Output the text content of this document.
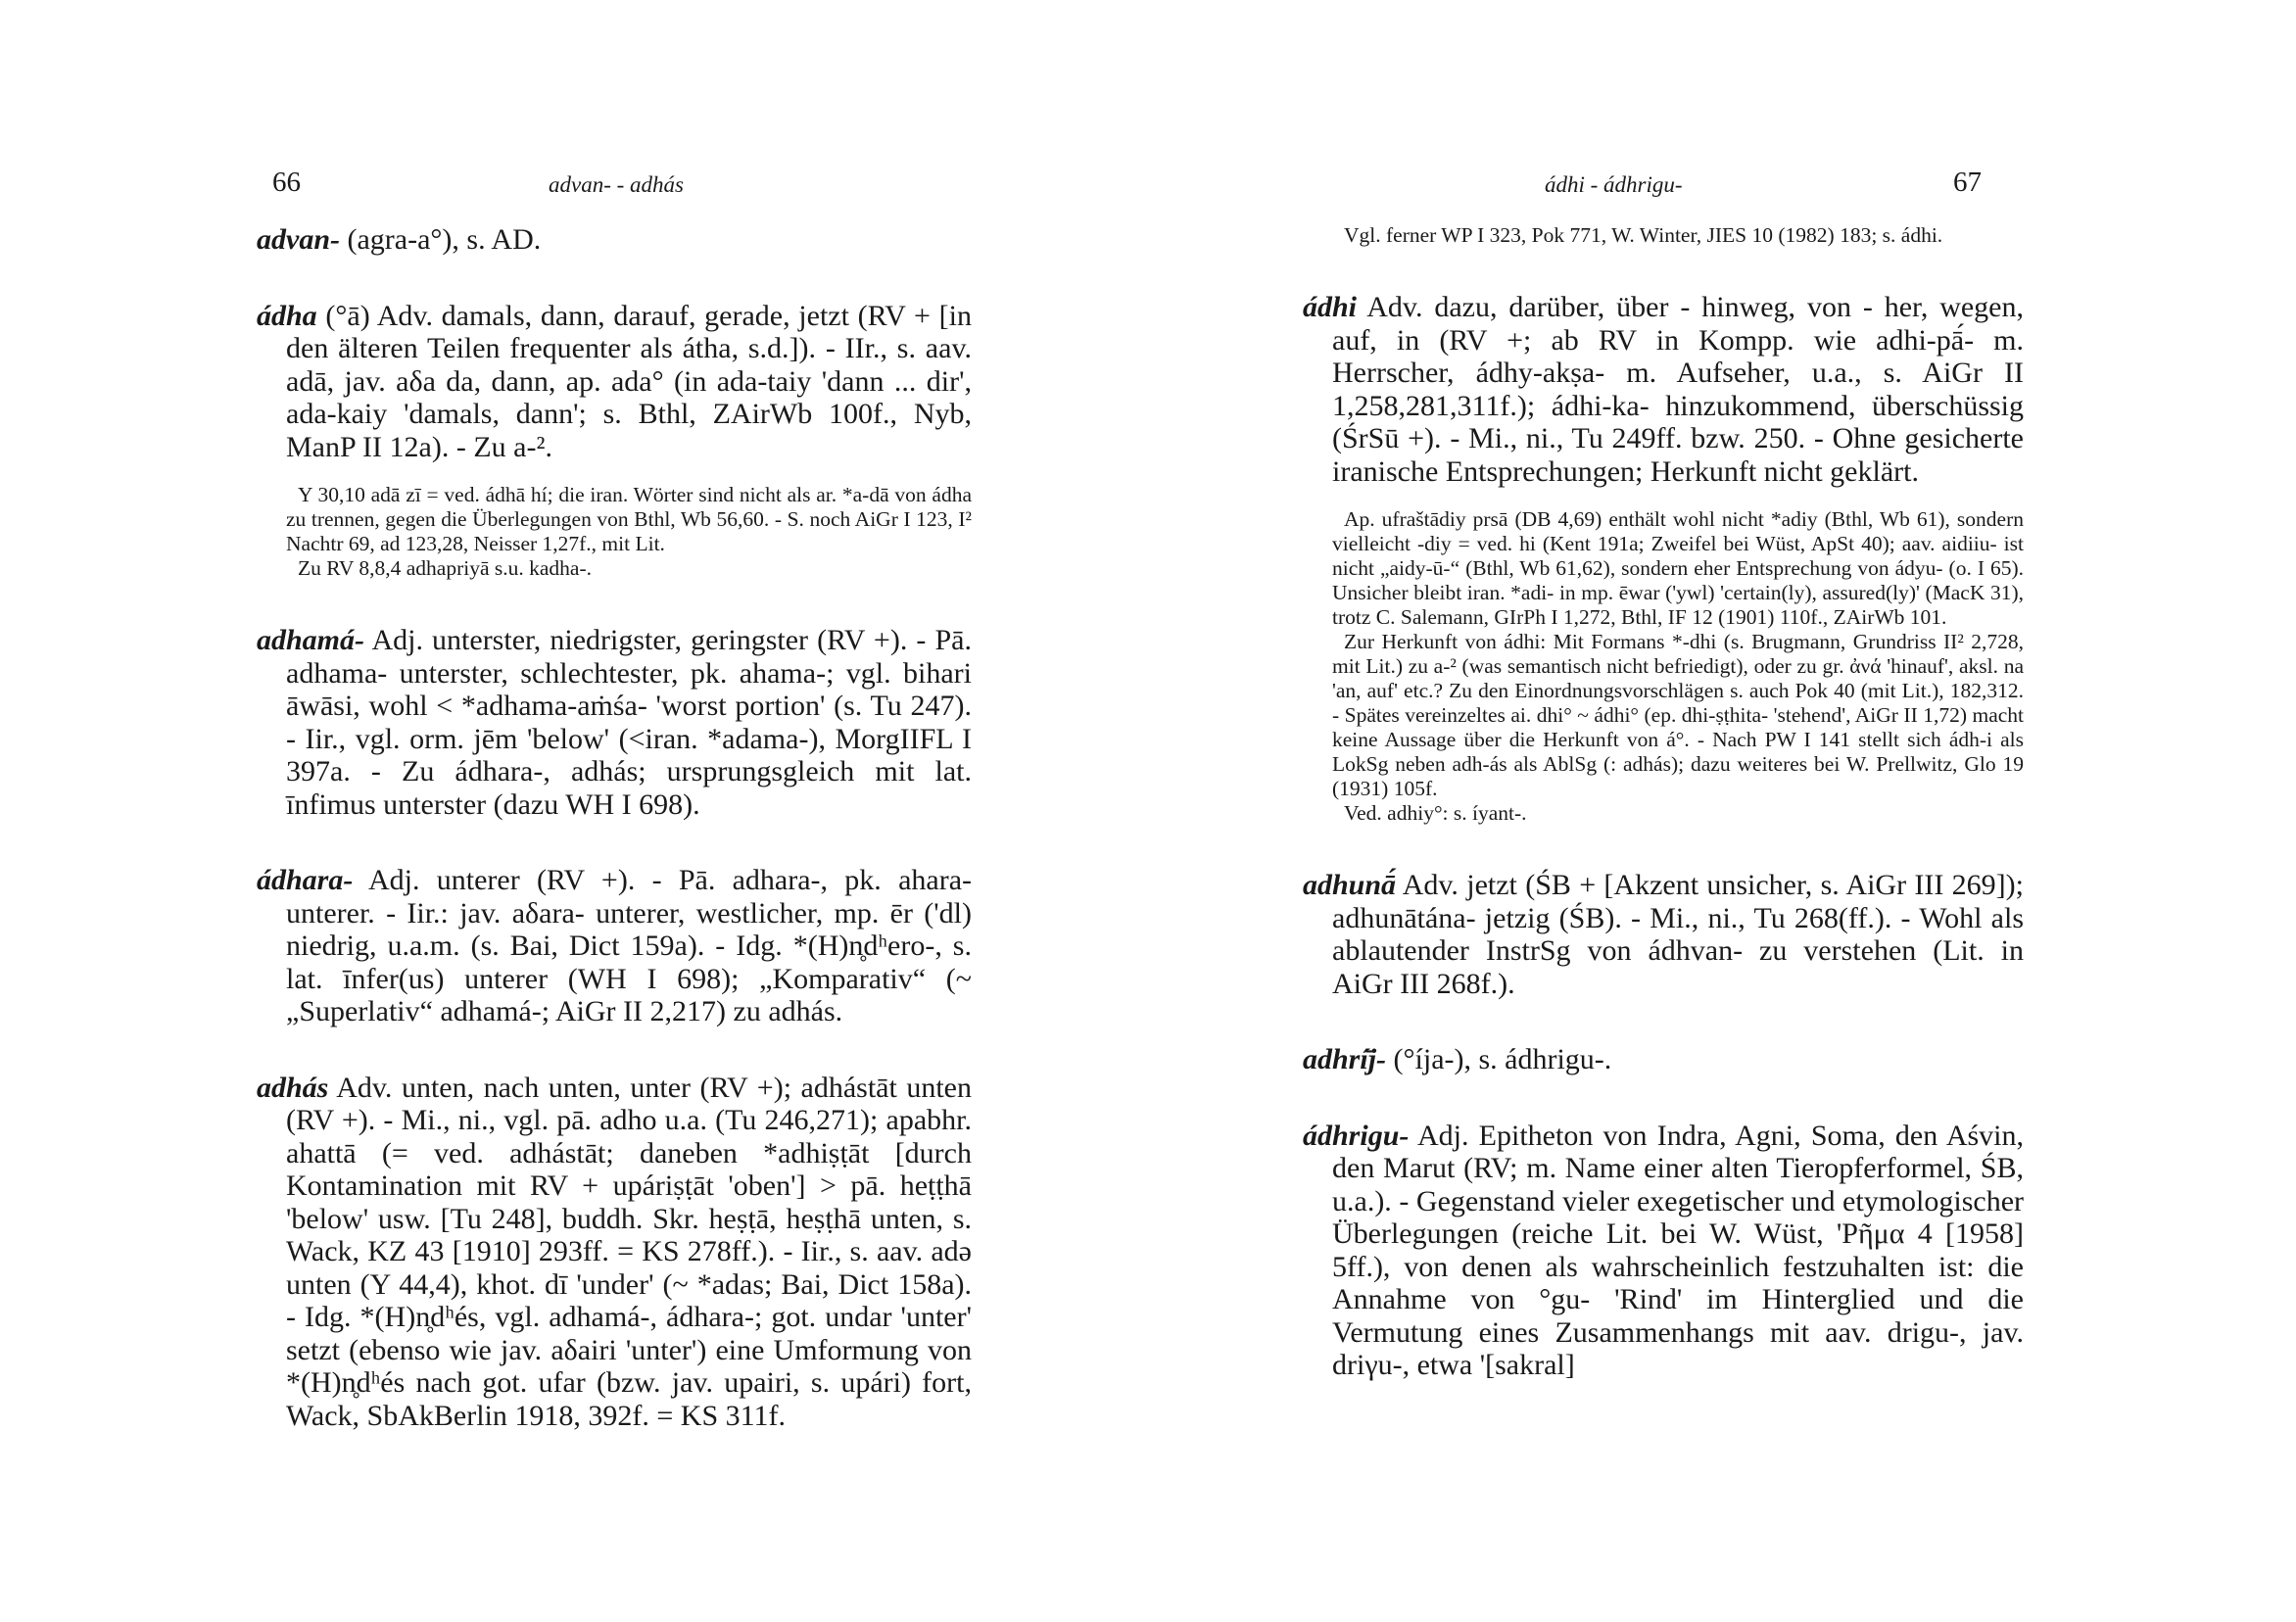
66	advan- - adhás

advan- (agra-a°), s. AD.

ádha (°ā) Adv. damals, dann, darauf, gerade, jetzt (RV + [in den älteren Teilen frequenter als átha, s.d.]). - IIr., s. aav. adā, jav. aδa da, dann, ap. ada° (in ada-taiy 'dann ... dir', ada-kaiy 'damals, dann'; s. Bthl, ZAirWb 100f., Nyb, ManP II 12a). - Zu a-².

Y 30,10 adā zī = ved. ádhā hí; die iran. Wörter sind nicht als ar. *a-dā von ádha zu trennen, gegen die Überlegungen von Bthl, Wb 56,60. - S. noch AiGr I 123, I² Nachtr 69, ad 123,28, Neisser 1,27f., mit Lit.
Zu RV 8,8,4 adhapriyā s.u. kadha-.

adhamá- Adj. unterster, niedrigster, geringster (RV +). - Pā. adhama- unterster, schlechtester, pk. ahama-; vgl. bihari āwāsi, wohl < *adhama-aṁśa- 'worst portion' (s. Tu 247). - Iir., vgl. orm. jēm 'below' (<iran. *adama-), MorgIIFL I 397a. - Zu ádhara-, adhás; ursprungsgleich mit lat. īnfimus unterster (dazu WH I 698).

ádhara- Adj. unterer (RV +). - Pā. adhara-, pk. ahara- unterer. - Iir.: jav. aδara- unterer, westlicher, mp. ēr ('dl) niedrig, u.a.m. (s. Bai, Dict 159a). - Idg. *(H)n̥dʰero-, s. lat. īnfer(us) unterer (WH I 698); „Komparativ“ (~ „Superlativ“ adhamá-; AiGr II 2,217) zu adhás.

adhás Adv. unten, nach unten, unter (RV +); adhástāt unten (RV +). - Mi., ni., vgl. pā. adho u.a. (Tu 246,271); apabhr. ahattā (= ved. adhástāt; daneben *adhiṣṭāt [durch Kontamination mit RV + upáriṣṭāt 'oben'] > pā. heṭṭhā 'below' usw. [Tu 248], buddh. Skr. heṣṭā, heṣṭhā unten, s. Wack, KZ 43 [1910] 293ff. = KS 278ff.). - Iir., s. aav. adə unten (Y 44,4), khot. dī 'under' (~ *adas; Bai, Dict 158a). - Idg. *(H)n̥dʰés, vgl. adhamá-, ádhara-; got. undar 'unter' setzt (ebenso wie jav. aδairi 'unter') eine Umformung von *(H)n̥dʰés nach got. ufar (bzw. jav. upairi, s. upári) fort, Wack, SbAkBerlin 1918, 392f. = KS 311f.

ádhi - ádhrigu-	67
Vgl. ferner WP I 323, Pok 771, W. Winter, JIES 10 (1982) 183; s. ádhi.

ádhi Adv. dazu, darüber, über - hinweg, von - her, wegen, auf, in (RV +; ab RV in Kompp. wie adhi-pā́- m. Herrscher, ádhy-akṣa- m. Aufseher, u.a., s. AiGr II 1,258,281,311f.); ádhi-ka- hinzukommend, überschüssig (ŚrSū +). - Mi., ni., Tu 249ff. bzw. 250. - Ohne gesicherte iranische Entsprechungen; Herkunft nicht geklärt.

Ap. ufraštādiy prsā (DB 4,69) enthält wohl nicht *adiy (Bthl, Wb 61), sondern vielleicht -diy = ved. hi (Kent 191a; Zweifel bei Wüst, ApSt 40); aav. aidiiu- ist nicht „aidy-ū-“ (Bthl, Wb 61,62), sondern eher Entsprechung von ádyu- (o. I 65). Unsicher bleibt iran. *adi- in mp. ēwar ('ywl) 'certain(ly), assured(ly)' (MacK 31), trotz C. Salemann, GIrPh I 1,272, Bthl, IF 12 (1901) 110f., ZAirWb 101.
Zur Herkunft von ádhi: Mit Formans *-dhi (s. Brugmann, Grundriss II² 2,728, mit Lit.) zu a-² (was semantisch nicht befriedigt), oder zu gr. ἀνά 'hinauf', aksl. na 'an, auf' etc.? Zu den Einordnungsvorschlägen s. auch Pok 40 (mit Lit.), 182,312. - Spätes vereinzeltes ai. dhi° ~ ádhi° (ep. dhi-ṣṭhita- 'stehend', AiGr II 1,72) macht keine Aussage über die Herkunft von á°. - Nach PW I 141 stellt sich ádh-i als LokSg neben adh-ás als AblSg (: adhás); dazu weiteres bei W. Prellwitz, Glo 19 (1931) 105f.
Ved. adhiy°: s. íyant-.

adhunā́ Adv. jetzt (ŚB + [Akzent unsicher, s. AiGr III 269]); adhunātána- jetzig (ŚB). - Mi., ni., Tu 268(ff.). - Wohl als ablautender InstrSg von ádhvan- zu verstehen (Lit. in AiGr III 268f.).

adhrí̄j- (°íja-), s. ádhrigu-.

ádhrigu- Adj. Epitheton von Indra, Agni, Soma, den Aśvin, den Marut (RV; m. Name einer alten Tieropferformel, ŚB, u.a.). - Gegenstand vieler exegetischer und etymologischer Überlegungen (reiche Lit. bei W. Wüst, 'Pῆμα 4 [1958] 5ff.), von denen als wahrscheinlich festzuhalten ist: die Annahme von °gu- 'Rind' im Hinterglied und die Vermutung eines Zusammenhangs mit aav. drigu-, jav. driγu-, etwa '[sakral]
